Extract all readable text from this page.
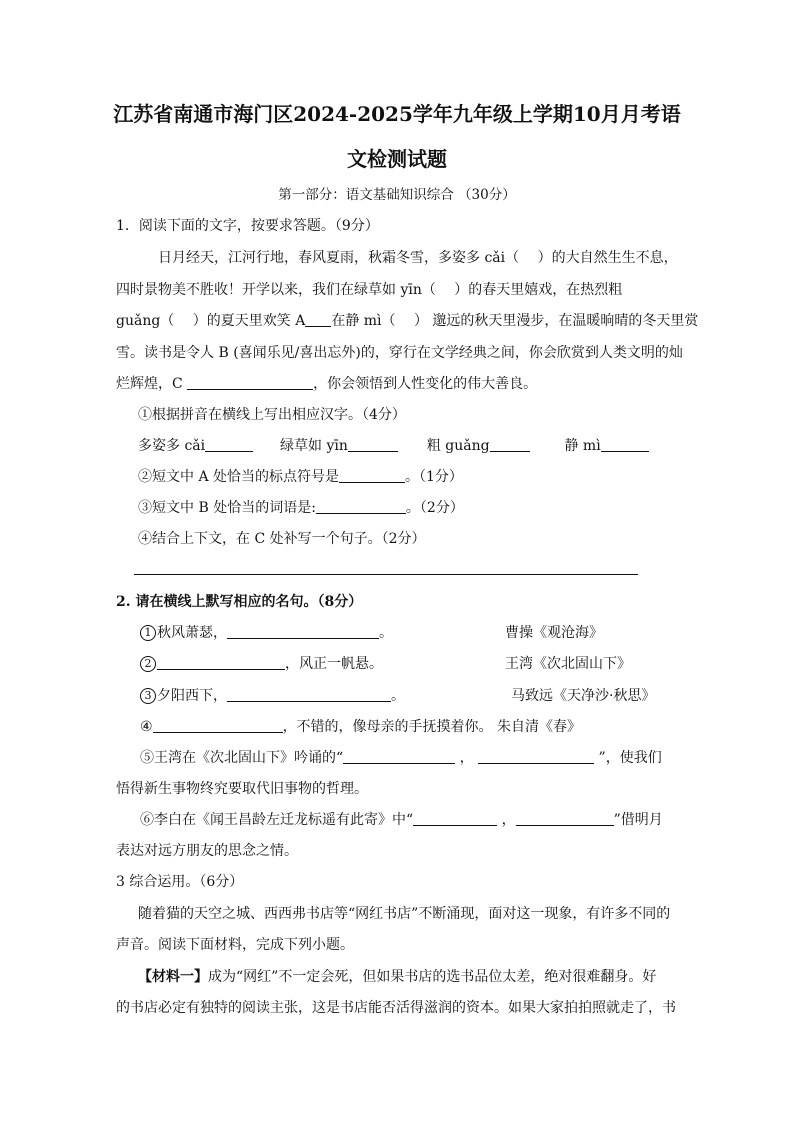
江苏省南通市海门区2024-2025学年九年级上学期10月月考语
文检测试题
第一部分：语文基础知识综合 （30分）
1．阅读下面的文字，按要求答题。（9分）
日月经天，江河行地，春风夏雨，秋霜冬雪，多姿多 cǎi（　 ）的大自然生生不息，
四时景物美不胜收！开学以来，我们在绿草如 yīn（　 ）的春天里嬉戏，在热烈粗
guǎng（　 ）的夏天里欢笑 A 在静 mì（　 ） 邈远的秋天里漫步，在温暖晌晴的冬天里赏
雪。读书是令人 B (喜闻乐见/喜出忘外)的，穿行在文学经典之间，你会欣赏到人类文明的灿
烂辉煌，C	，你会领悟到人性变化的伟大善良。
①根据拼音在横线上写出相应汉字。（4分）
多姿多 cǎi	绿草如 yīn	粗 guǎng	静 mì
②短文中 A 处恰当的标点符号是	。（1分）
③短文中 B 处恰当的词语是:	。（2分）
④结合上下文，在 C 处补写一个句子。（2分）
2. 请在横线上默写相应的名句。（8分）
1 秋风萧瑟，	。	曹操《观沧海》
2	，风正一帆悬。	王湾《次北固山下》
3 夕阳西下，	。	马致远《天净沙·秋思》
④	，不错的，像母亲的手抚摸着你。 朱自清《春》
⑤王湾在《次北固山下》吟诵的“	，	”，使我们
悟得新生事物终究要取代旧事物的哲理。
⑥李白在《闻王昌龄左迁龙标遥有此寄》中“	，	”借明月
表达对远方朋友的思念之情。
3 综合运用。（6分）
随着猫的天空之城、西西弗书店等“网红书店”不断涌现，面对这一现象，有许多不同的
声音。阅读下面材料，完成下列小题。
【材料一】成为“网红”不一定会死，但如果书店的选书品位太差，绝对很难翻身。好
的书店必定有独特的阅读主张，这是书店能否活得滋润的资本。如果大家拍拍照就走了，书
